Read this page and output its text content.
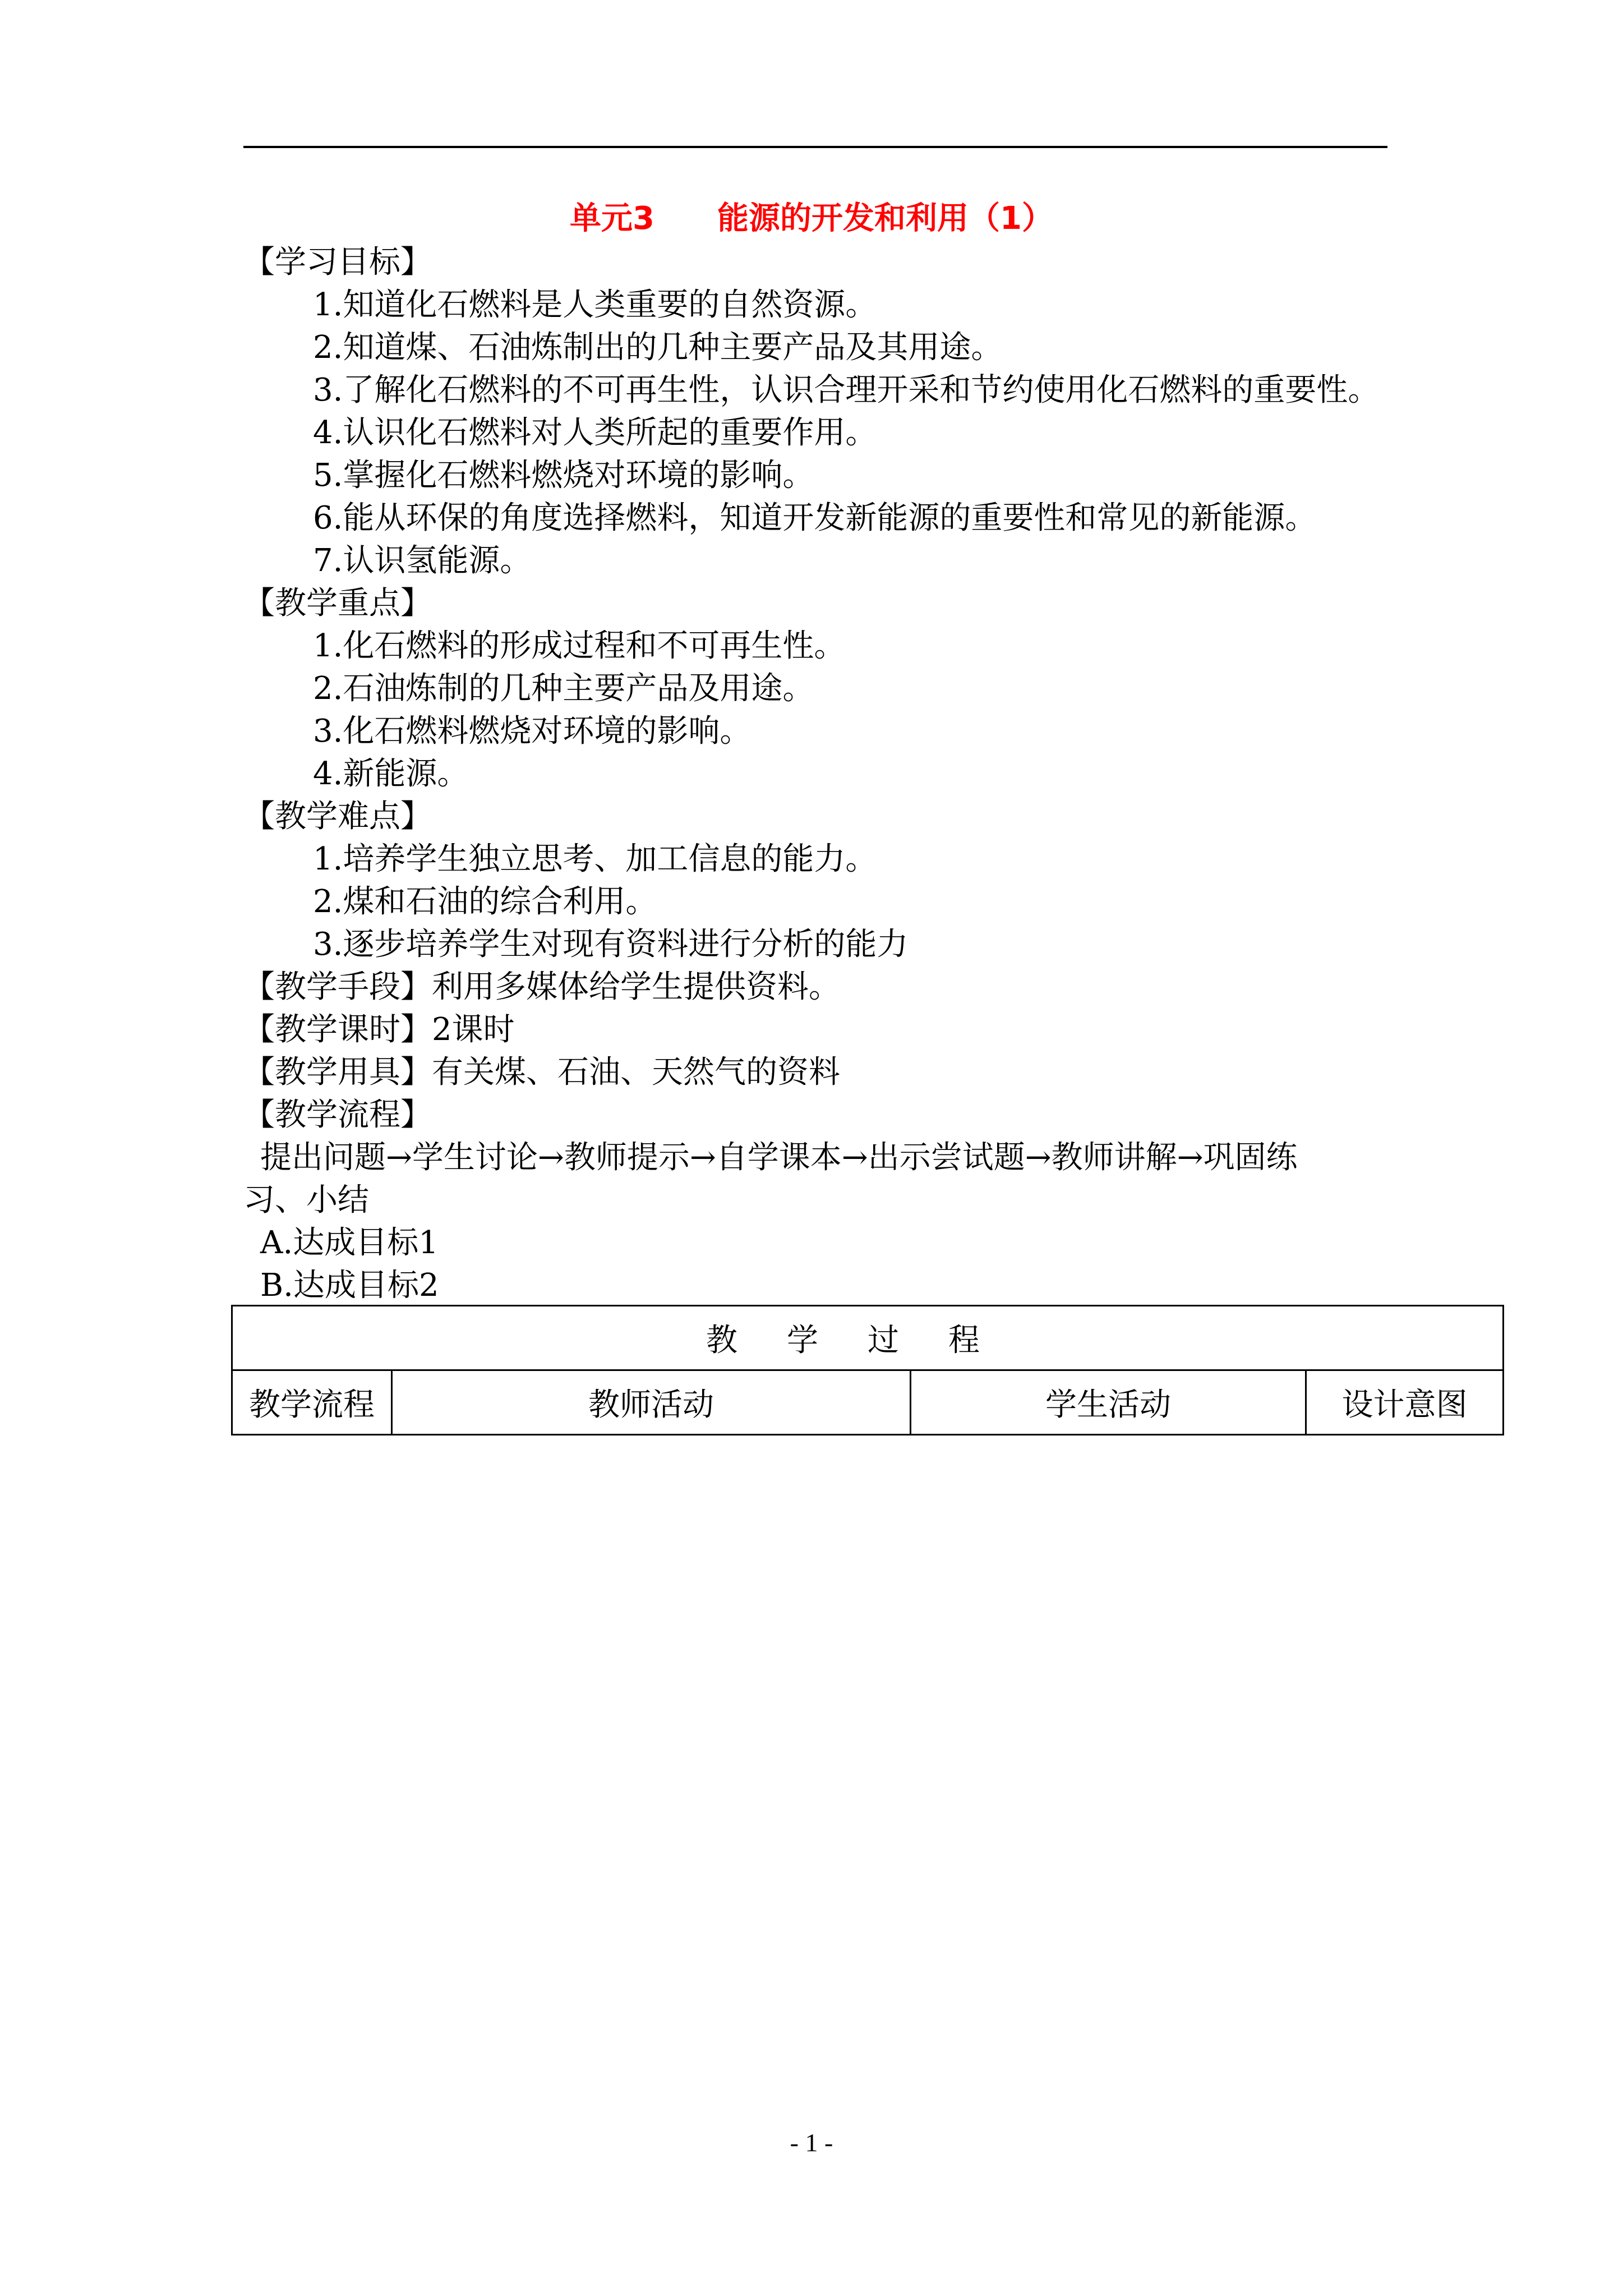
单元3　　能源的开发和利用（1）
【学习目标】
1.知道化石燃料是人类重要的自然资源。
2.知道煤、石油炼制出的几种主要产品及其用途。
3.了解化石燃料的不可再生性，认识合理开采和节约使用化石燃料的重要性。
4.认识化石燃料对人类所起的重要作用。
5.掌握化石燃料燃烧对环境的影响。
6.能从环保的角度选择燃料，知道开发新能源的重要性和常见的新能源。
7.认识氢能源。
【教学重点】
1.化石燃料的形成过程和不可再生性。
2.石油炼制的几种主要产品及用途。
3.化石燃料燃烧对环境的影响。
4.新能源。
【教学难点】
1.培养学生独立思考、加工信息的能力。
2.煤和石油的综合利用。
3.逐步培养学生对现有资料进行分析的能力
【教学手段】利用多媒体给学生提供资料。
【教学课时】2课时
【教学用具】有关煤、石油、天然气的资料
【教学流程】
提出问题→学生讨论→教师提示→自学课本→出示尝试题→教师讲解→巩固练
习、小结
A.达成目标1
B.达成目标2
教学过程
教学流程	教师活动	学生活动	设计意图
- 1 -
